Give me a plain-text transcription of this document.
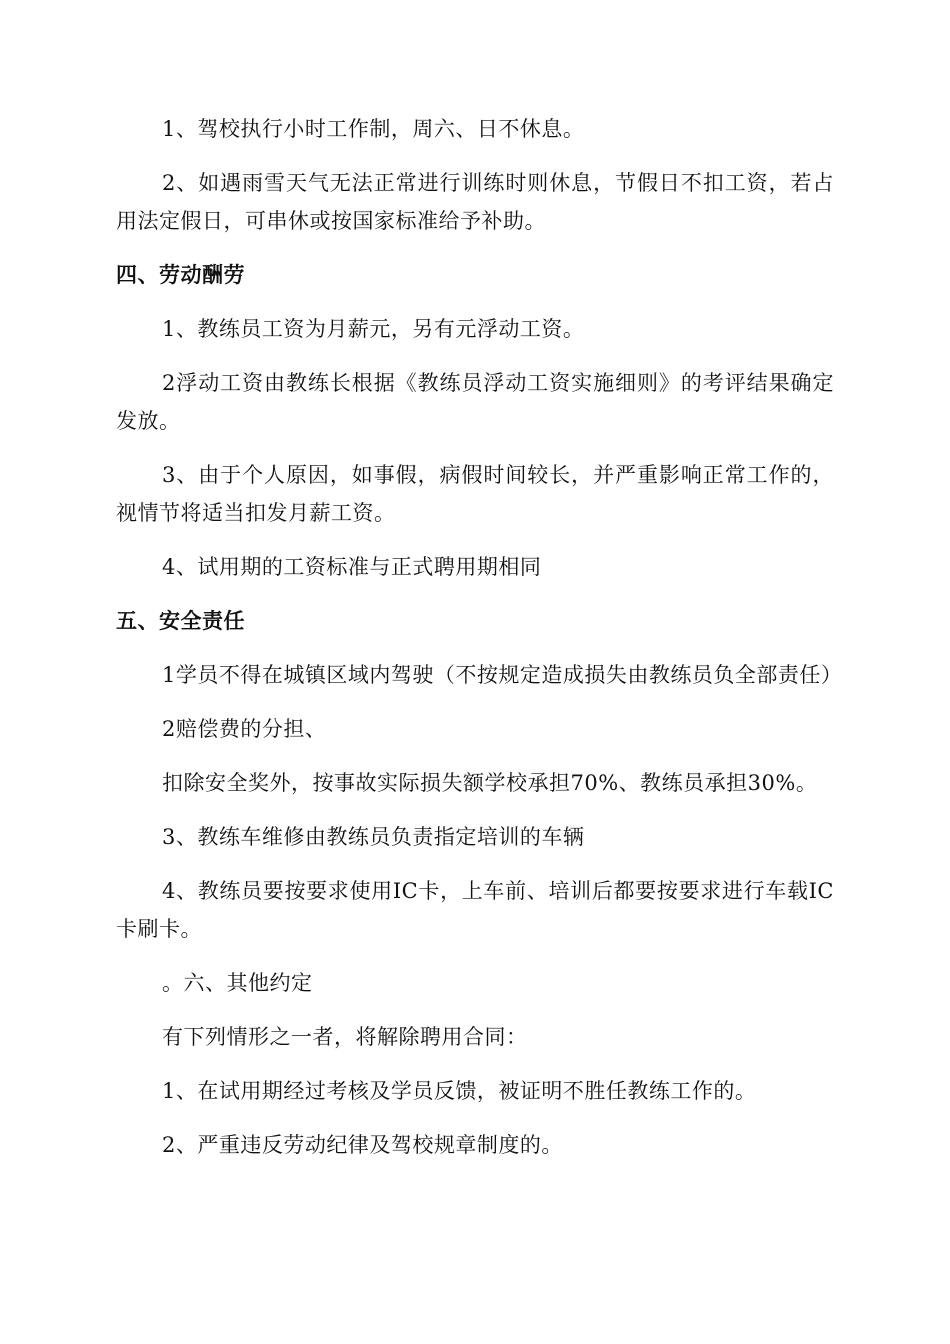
1、驾校执行小时工作制，周六、日不休息。

2、如遇雨雪天气无法正常进行训练时则休息，节假日不扣工资，若占用法定假日，可串休或按国家标准给予补助。

四、劳动酬劳

1、教练员工资为月薪元，另有元浮动工资。

2浮动工资由教练长根据《教练员浮动工资实施细则》的考评结果确定发放。

3、由于个人原因，如事假，病假时间较长，并严重影响正常工作的，视情节将适当扣发月薪工资。

4、试用期的工资标准与正式聘用期相同

五、安全责任

1学员不得在城镇区域内驾驶（不按规定造成损失由教练员负全部责任）

2赔偿费的分担、

扣除安全奖外，按事故实际损失额学校承担70%、教练员承担30%。

3、教练车维修由教练员负责指定培训的车辆

4、教练员要按要求使用IC卡，上车前、培训后都要按要求进行车载IC卡刷卡。

。六、其他约定

有下列情形之一者，将解除聘用合同：

1、在试用期经过考核及学员反馈，被证明不胜任教练工作的。

2、严重违反劳动纪律及驾校规章制度的。
